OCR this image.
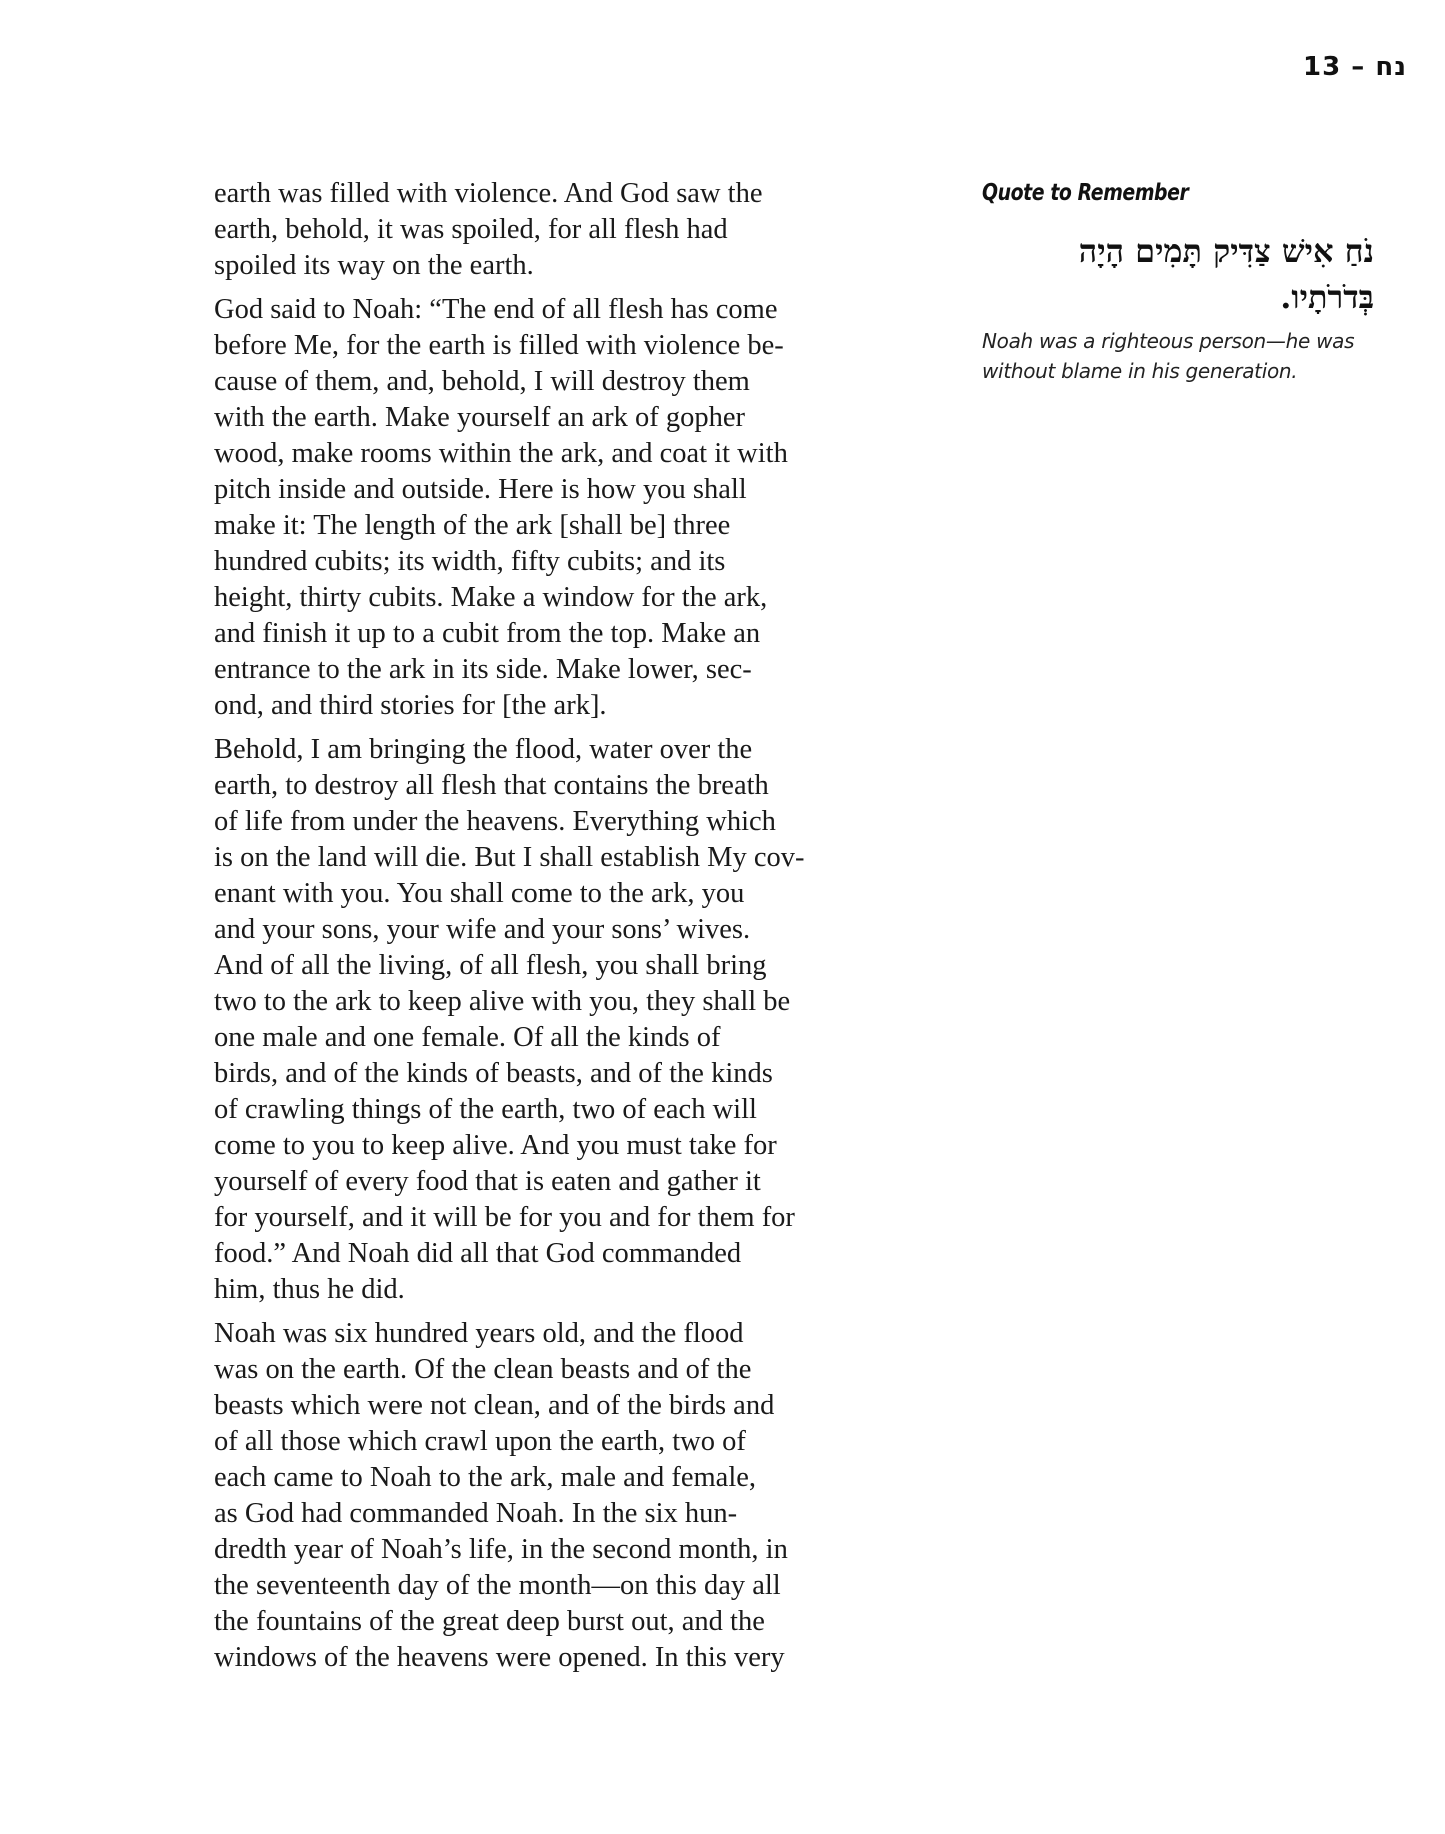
נח – 13

earth was filled with violence. And God saw the
earth, behold, it was spoiled, for all flesh had
spoiled its way on the earth.

God said to Noah: “The end of all flesh has come
before Me, for the earth is filled with violence be-
cause of them, and, behold, I will destroy them
with the earth. Make yourself an ark of gopher
wood, make rooms within the ark, and coat it with
pitch inside and outside. Here is how you shall
make it: The length of the ark [shall be] three
hundred cubits; its width, fifty cubits; and its
height, thirty cubits. Make a window for the ark,
and finish it up to a cubit from the top. Make an
entrance to the ark in its side. Make lower, sec-
ond, and third stories for [the ark].

Behold, I am bringing the flood, water over the
earth, to destroy all flesh that contains the breath
of life from under the heavens. Everything which
is on the land will die. But I shall establish My cov-
enant with you. You shall come to the ark, you
and your sons, your wife and your sons’ wives.
And of all the living, of all flesh, you shall bring
two to the ark to keep alive with you, they shall be
one male and one female. Of all the kinds of
birds, and of the kinds of beasts, and of the kinds
of crawling things of the earth, two of each will
come to you to keep alive. And you must take for
yourself of every food that is eaten and gather it
for yourself, and it will be for you and for them for
food.” And Noah did all that God commanded
him, thus he did.

Noah was six hundred years old, and the flood
was on the earth. Of the clean beasts and of the
beasts which were not clean, and of the birds and
of all those which crawl upon the earth, two of
each came to Noah to the ark, male and female,
as God had commanded Noah. In the six hun-
dredth year of Noah’s life, in the second month, in
the seventeenth day of the month—on this day all
the fountains of the great deep burst out, and the
windows of the heavens were opened. In this very

Quote to Remember
נֹחַ אִישׁ צַדִּיק תָּמִים הָיָה
בְּדֹרֹתָיו.
Noah was a righteous person—he was
without blame in his generation.
